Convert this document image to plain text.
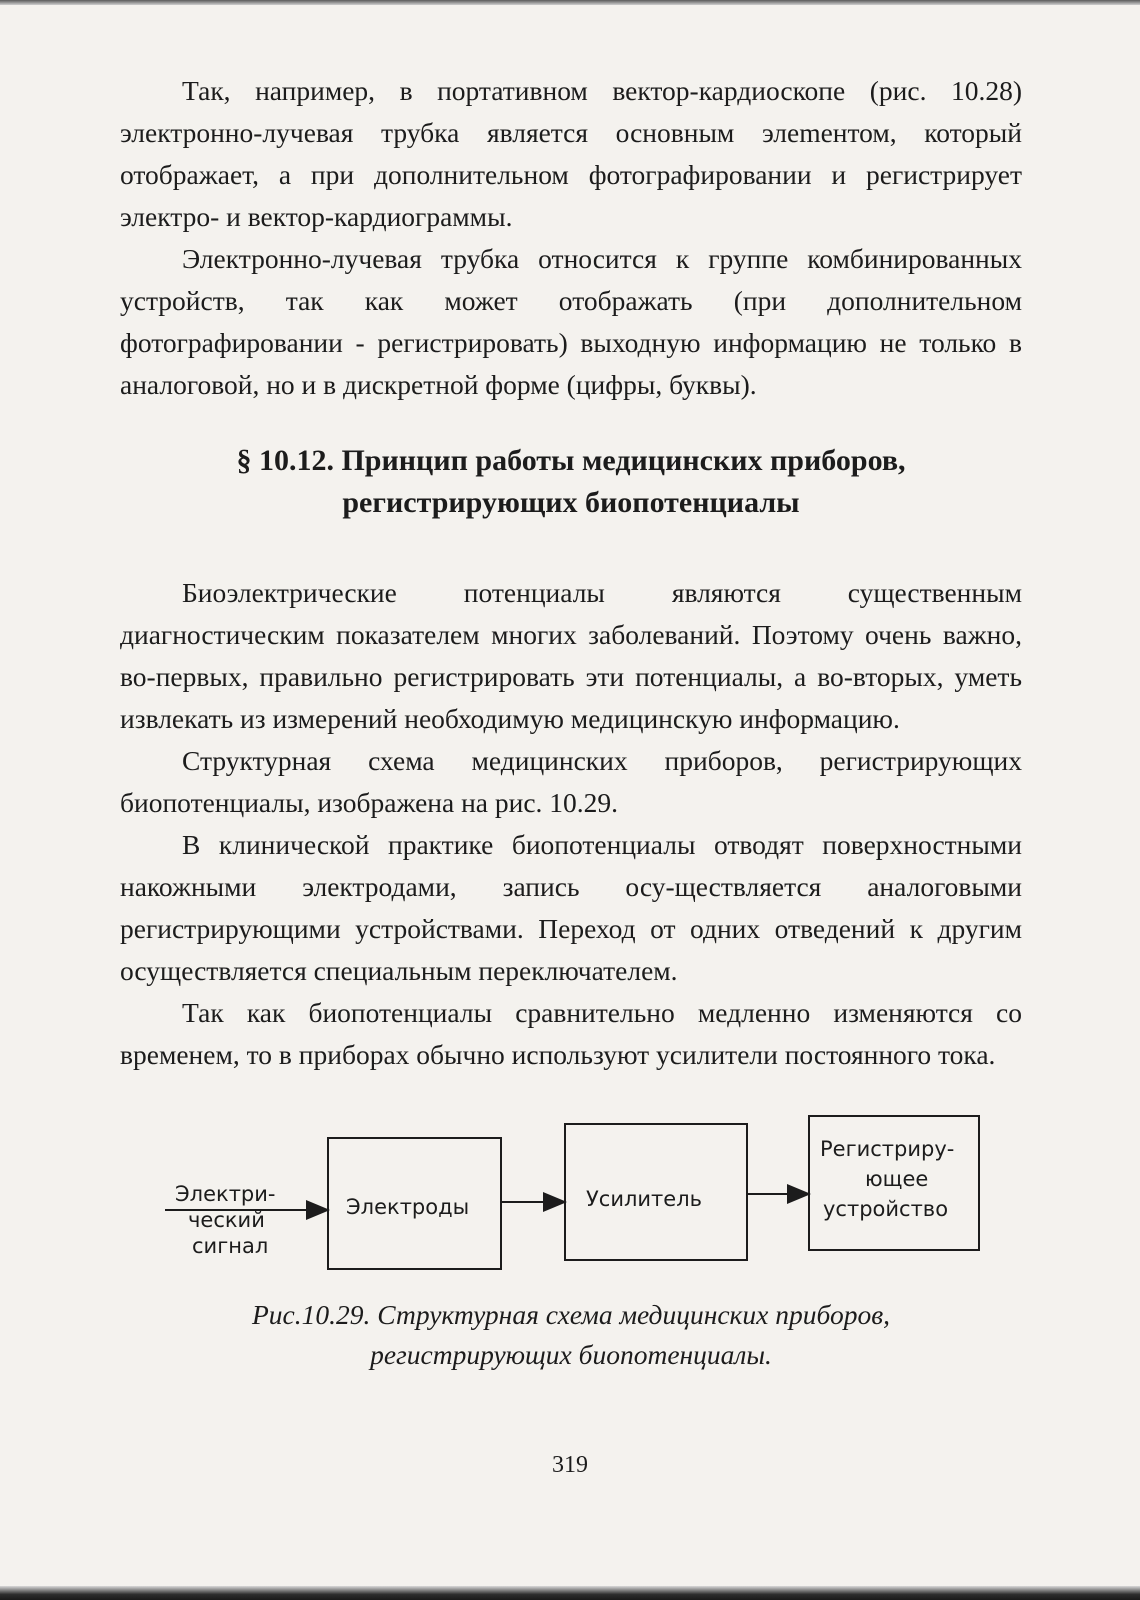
Так, например, в портативном вектор-кардиоскопе (рис. 10.28) электронно-лучевая трубка является основным элеmентом, который отображает, а при дополнительном фотографировании и регистрирует электро- и вектор-кардиограммы.

Электронно-лучевая трубка относится к группе комбинированных устройств, так как может отображать (при дополнительном фотографировании - регистрировать) выходную информацию не только в аналоговой, но и в дискретной форме (цифры, буквы).

§ 10.12. Принцип работы медицинских приборов,
регистрирующих биопотенциалы

Биоэлектрические потенциалы являются существенным диагностическим показателем многих заболеваний. Поэтому очень важно, во-первых, правильно регистрировать эти потенциалы, а во-вторых, уметь извлекать из измерений необходимую медицинскую информацию.

Структурная схема медицинских приборов, регистрирующих биопотенциалы, изображена на рис. 10.29.

В клинической практике биопотенциалы отводят поверхностными накожными электродами, запись осу-ществляется аналоговыми регистрирующими устройствами. Переход от одних отведений к другим осуществляется специальным переключателем.

Так как биопотенциалы сравнительно медленно изменяются со временем, то в приборах обычно используют усилители постоянного тока.

Электри-
ческий
сигнал
Электроды	Усилитель
Регистриру-
ющее
устройство
Рис.10.29. Структурная схема медицинских приборов,
регистрирующих биопотенциалы.
319
